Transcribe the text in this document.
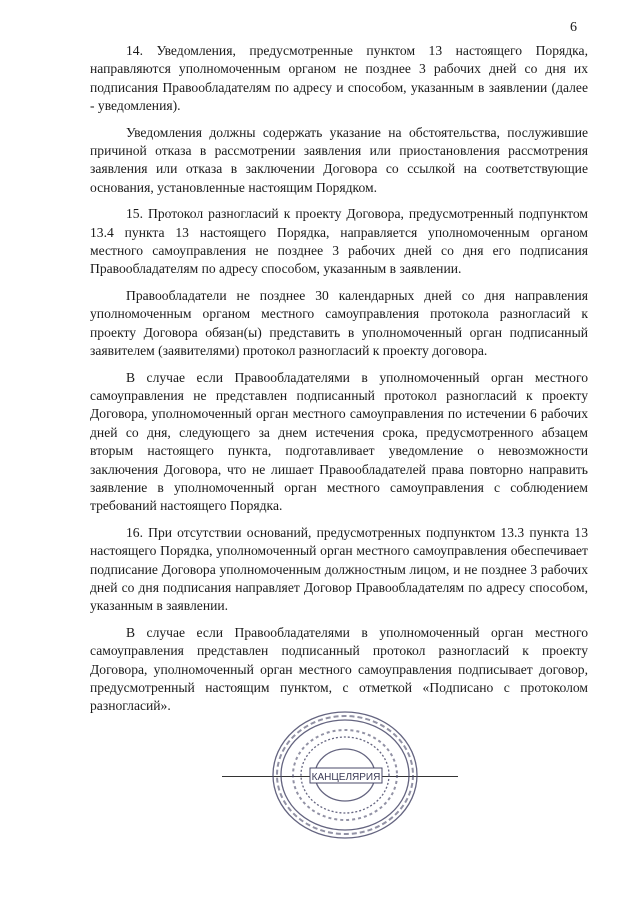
6

14. Уведомления, предусмотренные пунктом 13 настоящего Порядка, направляются уполномоченным органом не позднее 3 рабочих дней со дня их подписания Правообладателям по адресу и способом, указанным в заявлении (далее - уведомления).

Уведомления должны содержать указание на обстоятельства, послужившие причиной отказа в рассмотрении заявления или приостановления рассмотрения заявления или отказа в заключении Договора со ссылкой на соответствующие основания, установленные настоящим Порядком.

15. Протокол разногласий к проекту Договора, предусмотренный подпунктом 13.4 пункта 13 настоящего Порядка, направляется уполномоченным органом местного самоуправления не позднее 3 рабочих дней со дня его подписания Правообладателям по адресу способом, указанным в заявлении.

Правообладатели не позднее 30 календарных дней со дня направления уполномоченным органом местного самоуправления протокола разногласий к проекту Договора обязан(ы) представить в уполномоченный орган подписанный заявителем (заявителями) протокол разногласий к проекту договора.

В случае если Правообладателями в уполномоченный орган местного самоуправления не представлен подписанный протокол разногласий к проекту Договора, уполномоченный орган местного самоуправления по истечении 6 рабочих дней со дня, следующего за днем истечения срока, предусмотренного абзацем вторым настоящего пункта, подготавливает уведомление о невозможности заключения Договора, что не лишает Правообладателей права повторно направить заявление в уполномоченный орган местного самоуправления с соблюдением требований настоящего Порядка.

16. При отсутствии оснований, предусмотренных подпунктом 13.3 пункта 13 настоящего Порядка, уполномоченный орган местного самоуправления обеспечивает подписание Договора уполномоченным должностным лицом, и не позднее 3 рабочих дней со дня подписания направляет Договор Правообладателям по адресу способом, указанным в заявлении.

В случае если Правообладателями в уполномоченный орган местного самоуправления представлен подписанный протокол разногласий к проекту Договора, уполномоченный орган местного самоуправления подписывает договор, предусмотренный настоящим пунктом, с отметкой «Подписано с протоколом разногласий».

КАНЦЕЛЯРИЯ
